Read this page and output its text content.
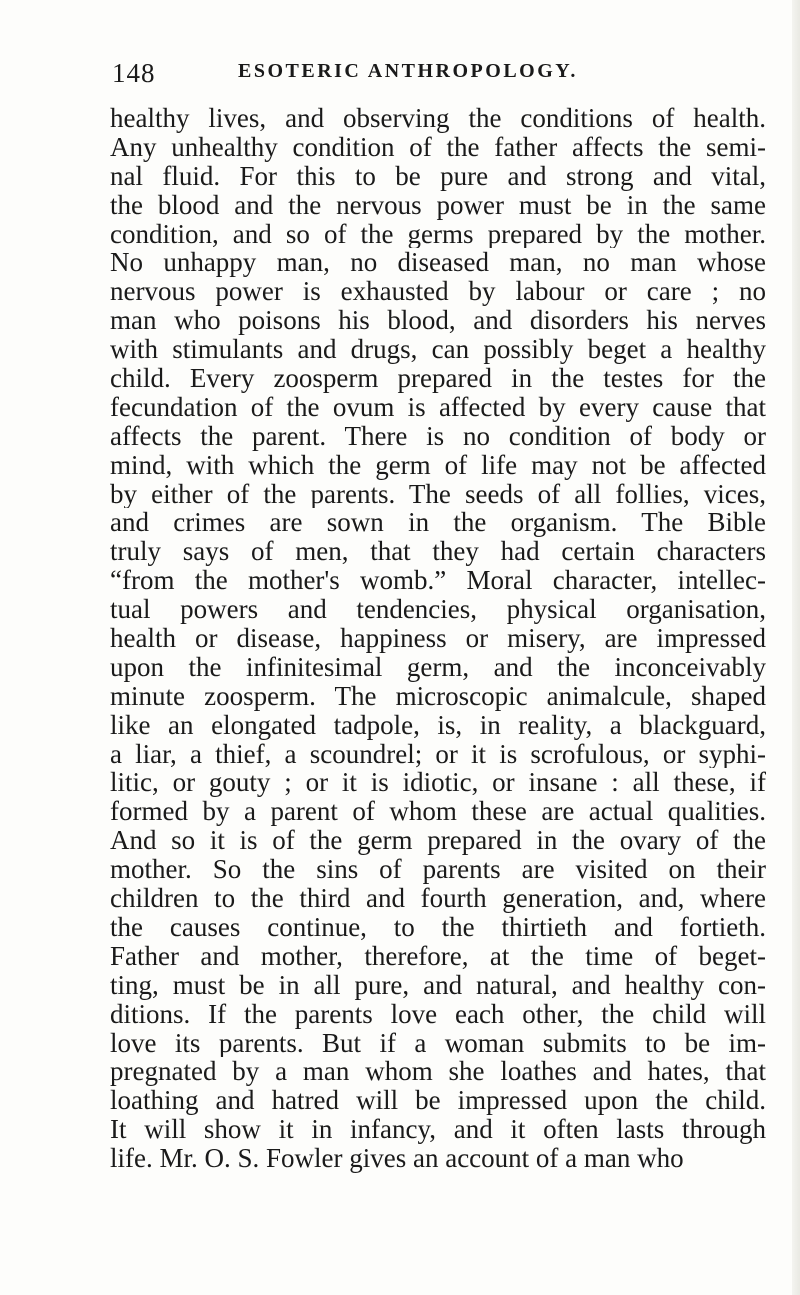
148	ESOTERIC ANTHROPOLOGY.
healthy lives, and observing the conditions of health.
Any unhealthy condition of the father affects the semi-
nal fluid. For this to be pure and strong and vital,
the blood and the nervous power must be in the same
condition, and so of the germs prepared by the mother.
No unhappy man, no diseased man, no man whose
nervous power is exhausted by labour or care ; no
man who poisons his blood, and disorders his nerves
with stimulants and drugs, can possibly beget a healthy
child. Every zoosperm prepared in the testes for the
fecundation of the ovum is affected by every cause that
affects the parent. There is no condition of body or
mind, with which the germ of life may not be affected
by either of the parents. The seeds of all follies, vices,
and crimes are sown in the organism. The Bible
truly says of men, that they had certain characters
“from the mother's womb.” Moral character, intellec-
tual powers and tendencies, physical organisation,
health or disease, happiness or misery, are impressed
upon the infinitesimal germ, and the inconceivably
minute zoosperm. The microscopic animalcule, shaped
like an elongated tadpole, is, in reality, a blackguard,
a liar, a thief, a scoundrel; or it is scrofulous, or syphi-
litic, or gouty ; or it is idiotic, or insane : all these, if
formed by a parent of whom these are actual qualities.
And so it is of the germ prepared in the ovary of the
mother. So the sins of parents are visited on their
children to the third and fourth generation, and, where
the causes continue, to the thirtieth and fortieth.
Father and mother, therefore, at the time of beget-
ting, must be in all pure, and natural, and healthy con-
ditions. If the parents love each other, the child will
love its parents. But if a woman submits to be im-
pregnated by a man whom she loathes and hates, that
loathing and hatred will be impressed upon the child.
It will show it in infancy, and it often lasts through
life. Mr. O. S. Fowler gives an account of a man who
